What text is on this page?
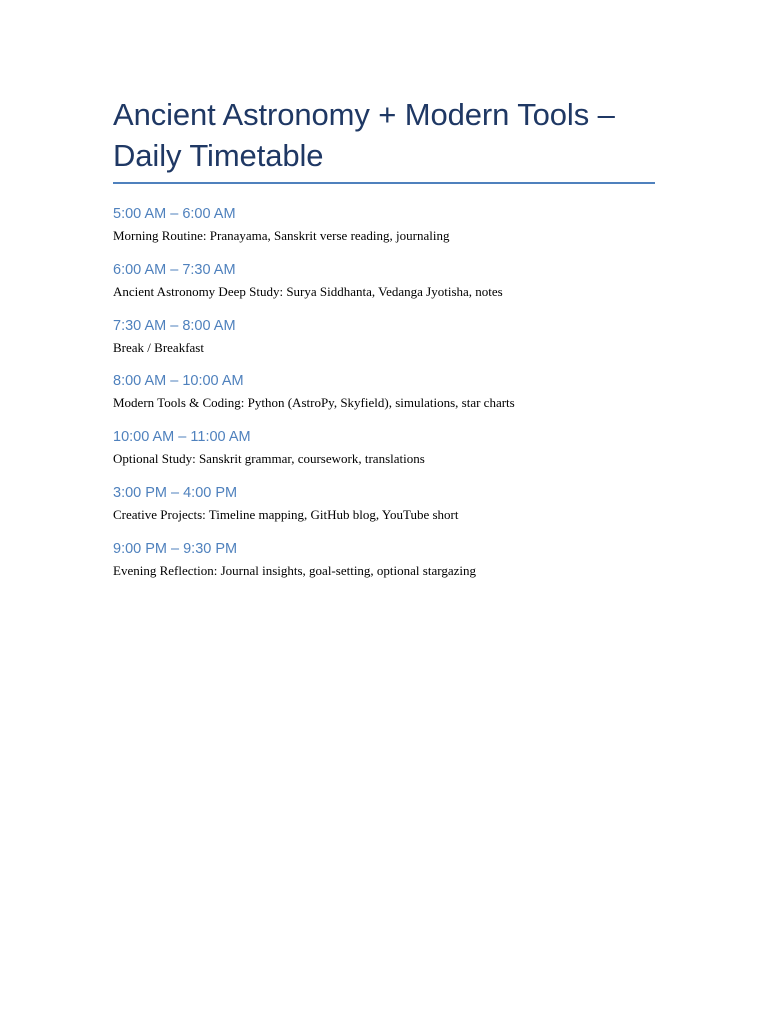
Ancient Astronomy + Modern Tools – Daily Timetable

5:00 AM – 6:00 AM

Morning Routine: Pranayama, Sanskrit verse reading, journaling

6:00 AM – 7:30 AM

Ancient Astronomy Deep Study: Surya Siddhanta, Vedanga Jyotisha, notes

7:30 AM – 8:00 AM

Break / Breakfast

8:00 AM – 10:00 AM

Modern Tools & Coding: Python (AstroPy, Skyfield), simulations, star charts

10:00 AM – 11:00 AM

Optional Study: Sanskrit grammar, coursework, translations

3:00 PM – 4:00 PM

Creative Projects: Timeline mapping, GitHub blog, YouTube short

9:00 PM – 9:30 PM

Evening Reflection: Journal insights, goal-setting, optional stargazing
